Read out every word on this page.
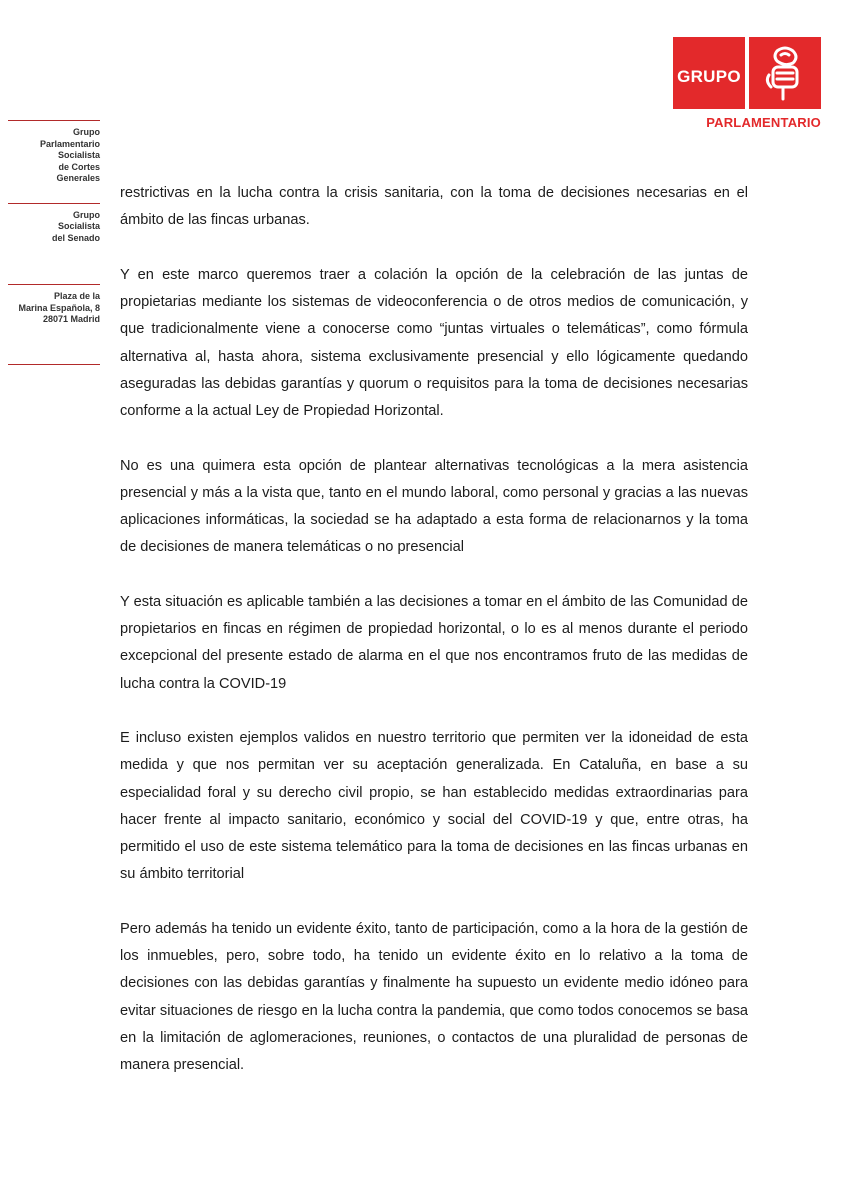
GRUPO
PARLAMENTARIO
Grupo
Parlamentario
Socialista
de Cortes
Generales
Grupo
Socialista
del Senado
Plaza de la
Marina Española, 8
28071 Madrid

restrictivas en la lucha contra la crisis sanitaria, con la toma de decisiones necesarias en el ámbito de las fincas urbanas.

Y en este marco queremos traer a colación la opción de la celebración de las juntas de propietarias mediante los sistemas de videoconferencia o de otros medios de comunicación, y que tradicionalmente viene a conocerse como “juntas virtuales o telemáticas”, como fórmula alternativa al, hasta ahora, sistema exclusivamente presencial y ello lógicamente quedando aseguradas las debidas garantías y quorum o requisitos para la toma de decisiones necesarias conforme a la actual Ley de Propiedad Horizontal.

No es una quimera esta opción de plantear alternativas tecnológicas a la mera asistencia presencial y más a la vista que, tanto en el mundo laboral, como personal y gracias a las nuevas aplicaciones informáticas, la sociedad se ha adaptado a esta forma de relacionarnos y la toma de decisiones de manera telemáticas o no presencial

Y esta situación es aplicable también a las decisiones a tomar en el ámbito de las Comunidad de propietarios en fincas en régimen de propiedad horizontal, o lo es al menos durante el periodo excepcional del presente estado de alarma en el que nos encontramos fruto de las medidas de lucha contra la COVID-19

E incluso existen ejemplos validos en nuestro territorio que permiten ver la idoneidad de esta medida y que nos permitan ver su aceptación generalizada. En Cataluña, en base a su especialidad foral y su derecho civil propio, se han establecido medidas extraordinarias para hacer frente al impacto sanitario, económico y social del COVID-19 y que, entre otras, ha permitido el uso de este sistema telemático para la toma de decisiones en las fincas urbanas en su ámbito territorial

Pero además ha tenido un evidente éxito, tanto de participación, como a la hora de la gestión de los inmuebles, pero, sobre todo, ha tenido un evidente éxito en lo relativo a la toma de decisiones con las debidas garantías y finalmente ha supuesto un evidente medio idóneo para evitar situaciones de riesgo en la lucha contra la pandemia, que como todos conocemos se basa en la limitación de aglomeraciones, reuniones, o contactos de una pluralidad de personas de manera presencial.
